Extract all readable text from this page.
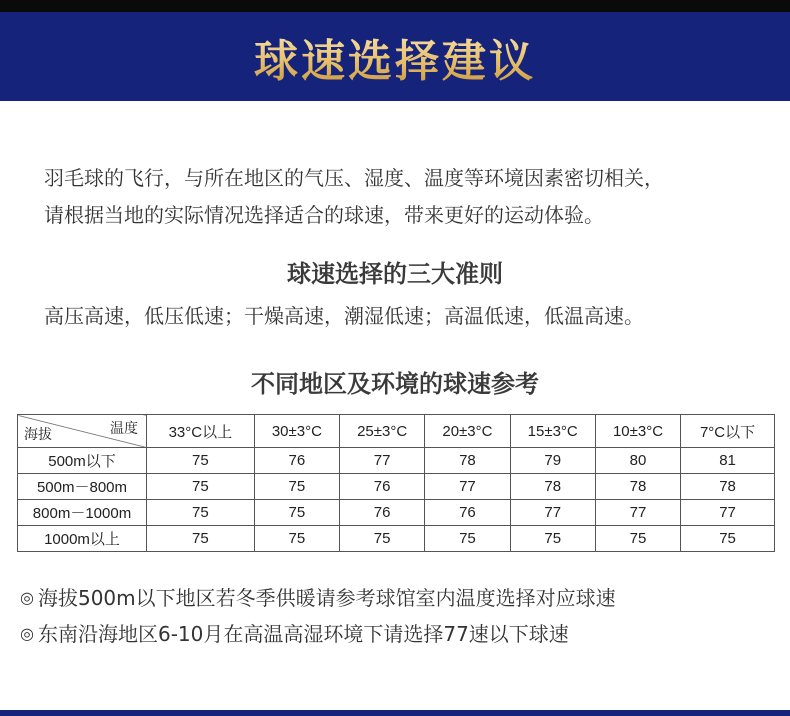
球速选择建议

羽毛球的飞行，与所在地区的气压、湿度、温度等环境因素密切相关，

请根据当地的实际情况选择适合的球速，带来更好的运动体验。

球速选择的三大准则
高压高速，低压低速；干燥高速，潮湿低速；高温低速，低温高速。
不同地区及环境的球速参考
温度
海拔	33°C以上	30±3°C	25±3°C	20±3°C	15±3°C	10±3°C	7°C以下
500m以下	75	76	77	78	79	80	81
500m－800m	75	75	76	77	78	78	78
800m－1000m	75	75	76	76	77	77	77
1000m以上	75	75	75	75	75	75	75
◎ 海拔500m以下地区若冬季供暖请参考球馆室内温度选择对应球速
◎ 东南沿海地区6-10月在高温高湿环境下请选择77速以下球速
